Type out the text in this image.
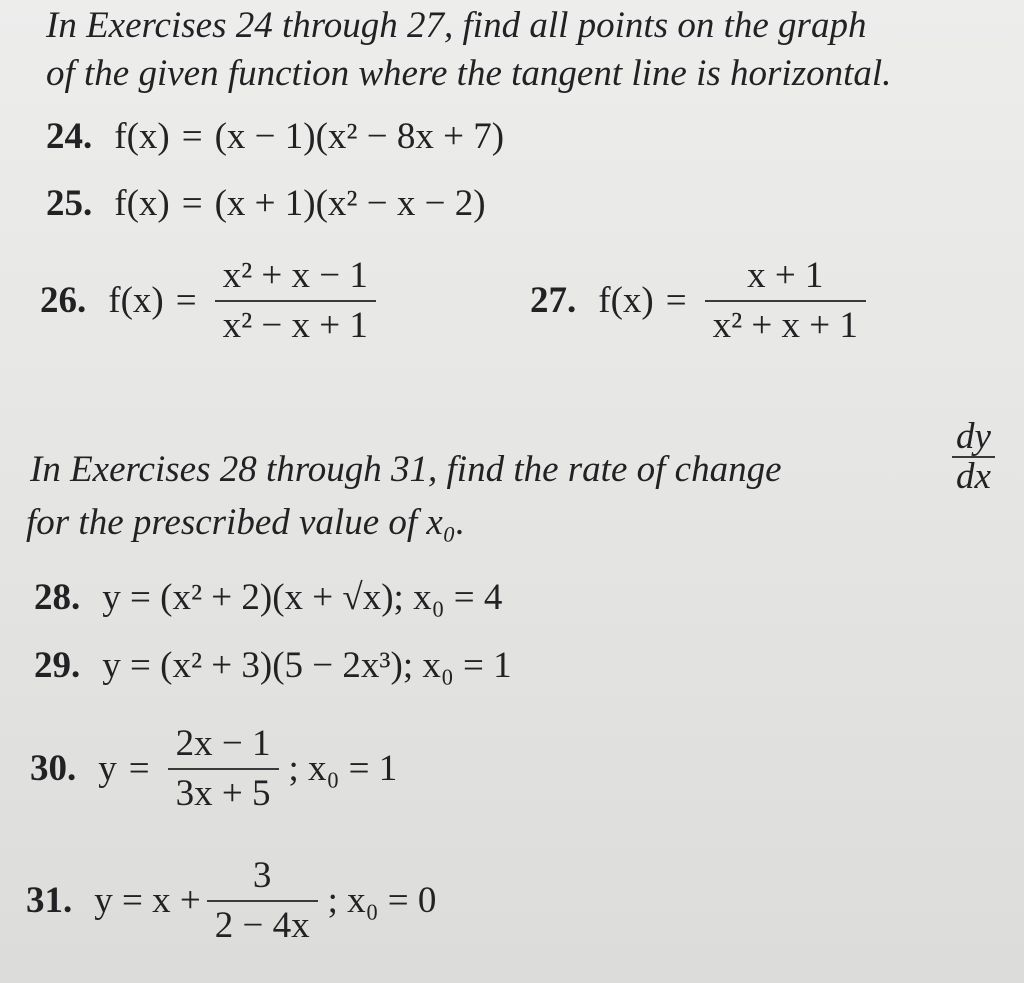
In Exercises 24 through 27, find all points on the graph
of the given function where the tangent line is horizontal.
24. f(x) = (x − 1)(x² − 8x + 7)
25. f(x) = (x + 1)(x² − x − 2)
26. $f(x) = \frac{\text{x² + x − 1}}{\text{x² − x + 1}}$	27. $f(x) = \frac{x + 1}{\text{x² + x + 1}}$
In Exercises 28 through 31, find the rate of change	$\frac{dy}{dx}$
for the prescribed value of x₀.
28. y = (x² + 2)(x + √x); x₀ = 4
29. y = (x² + 3)(5 − 2x³); x₀ = 1
30. $y = \frac{2x - 1}{3x + 5}$ ; x₀ = 1
31. $y = x + \frac{3}{2 - 4x}$ ; x₀ = 0
